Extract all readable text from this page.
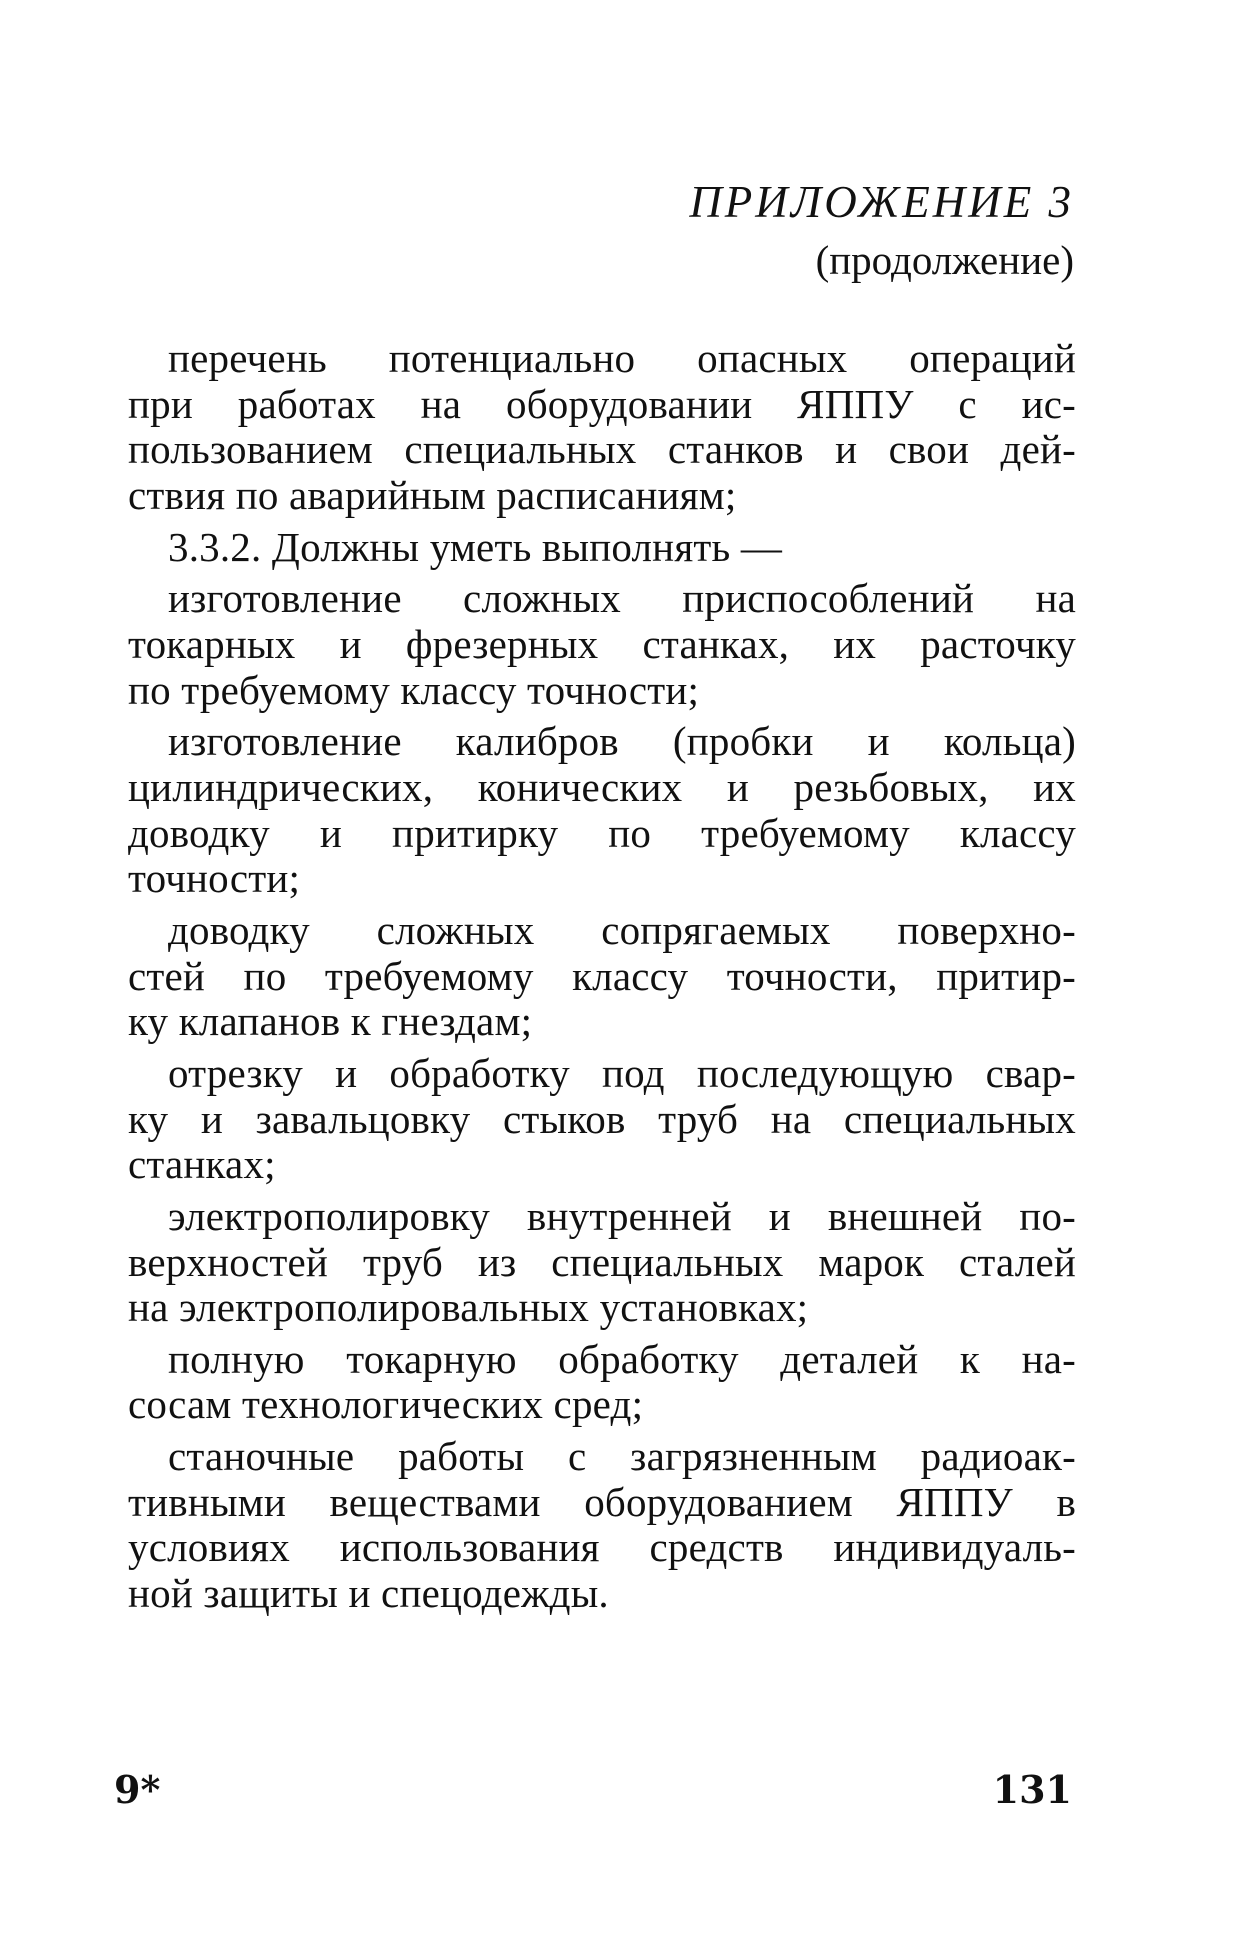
ПРИЛОЖЕНИЕ 3
(продолжение)
перечень потенциально опасных операций
при работах на оборудовании ЯППУ с ис-
пользованием специальных станков и свои дей-
ствия по аварийным расписаниям;
3.3.2. Должны уметь выполнять —
изготовление сложных приспособлений на
токарных и фрезерных станках, их расточку
по требуемому классу точности;
изготовление калибров (пробки и кольца)
цилиндрических, конических и резьбовых, их
доводку и притирку по требуемому классу
точности;
доводку сложных сопрягаемых поверхно-
стей по требуемому классу точности, притир-
ку клапанов к гнездам;
отрезку и обработку под последующую свар-
ку и завальцовку стыков труб на специальных
станках;
электрополировку внутренней и внешней по-
верхностей труб из специальных марок сталей
на электрополировальных установках;
полную токарную обработку деталей к на-
сосам технологических сред;
станочные работы с загрязненным радиоак-
тивными веществами оборудованием ЯППУ в
условиях использования средств индивидуаль-
ной защиты и спецодежды.
9*	131
